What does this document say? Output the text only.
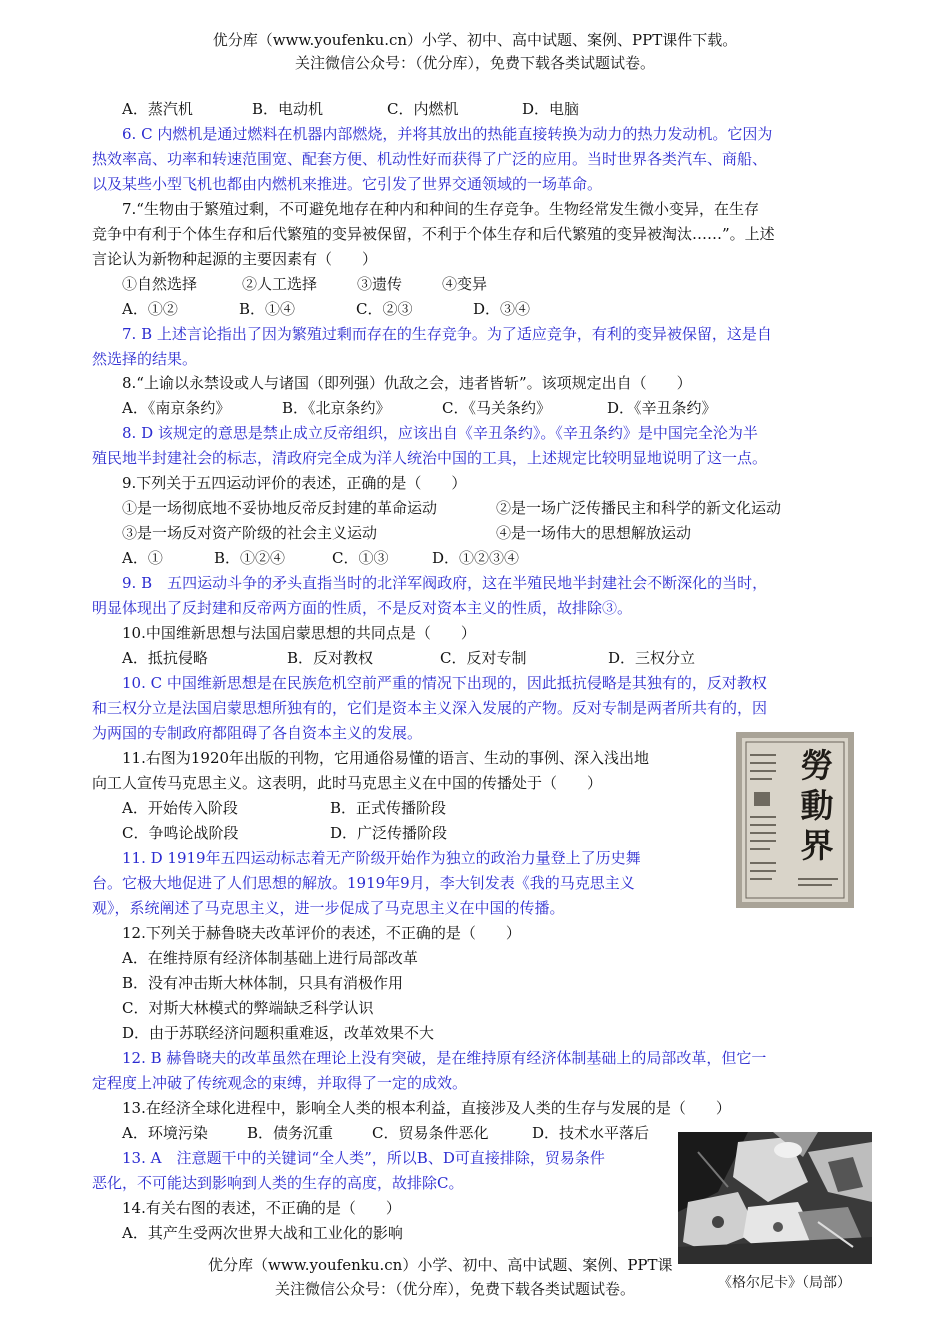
优分库（www.youfenku.cn）小学、初中、高中试题、案例、PPT课件下载。
关注微信公众号：（优分库），免费下载各类试题试卷。
A．蒸汽机	B．电动机	C．内燃机	D．电脑
6. C 内燃机是通过燃料在机器内部燃烧，并将其放出的热能直接转换为动力的热力发动机。它因为
热效率高、功率和转速范围宽、配套方便、机动性好而获得了广泛的应用。当时世界各类汽车、商船、
以及某些小型飞机也都由内燃机来推进。它引发了世界交通领域的一场革命。
7.“生物由于繁殖过剩，不可避免地存在种内和种间的生存竞争。生物经常发生微小变异，在生存
竞争中有利于个体生存和后代繁殖的变异被保留，不利于个体生存和后代繁殖的变异被淘汰……”。上述
言论认为新物种起源的主要因素有（　　）
①自然选择	②人工选择	③遗传	④变异
A．①②	B．①④	C．②③	D．③④
7. B 上述言论指出了因为繁殖过剩而存在的生存竞争。为了适应竞争，有利的变异被保留，这是自
然选择的结果。
8.“上谕以永禁设或人与诸国（即列强）仇敌之会，违者皆斩”。该项规定出自（　　）
A．《南京条约》	B．《北京条约》	C．《马关条约》	D．《辛丑条约》
8. D 该规定的意思是禁止成立反帝组织，应该出自《辛丑条约》。《辛丑条约》是中国完全沦为半
殖民地半封建社会的标志，清政府完全成为洋人统治中国的工具，上述规定比较明显地说明了这一点。
9.下列关于五四运动评价的表述，正确的是（　　）
①是一场彻底地不妥协地反帝反封建的革命运动	②是一场广泛传播民主和科学的新文化运动
③是一场反对资产阶级的社会主义运动	④是一场伟大的思想解放运动
A．①	B．①②④	C．①③	D．①②③④
9. B　五四运动斗争的矛头直指当时的北洋军阀政府，这在半殖民地半封建社会不断深化的当时，
明显体现出了反封建和反帝两方面的性质，不是反对资本主义的性质，故排除③。
10.中国维新思想与法国启蒙思想的共同点是（　　）
A．抵抗侵略	B．反对教权	C．反对专制	D．三权分立
10. C 中国维新思想是在民族危机空前严重的情况下出现的，因此抵抗侵略是其独有的，反对教权
和三权分立是法国启蒙思想所独有的，它们是资本主义深入发展的产物。反对专制是两者所共有的，因
为两国的专制政府都阻碍了各自资本主义的发展。
11.右图为1920年出版的刊物，它用通俗易懂的语言、生动的事例、深入浅出地
向工人宣传马克思主义。这表明，此时马克思主义在中国的传播处于（　　）
A．开始传入阶段	B．正式传播阶段
C．争鸣论战阶段	D．广泛传播阶段
11. D 1919年五四运动标志着无产阶级开始作为独立的政治力量登上了历史舞
台。它极大地促进了人们思想的解放。1919年9月，李大钊发表《我的马克思主义
观》，系统阐述了马克思主义，进一步促成了马克思主义在中国的传播。
勞動界
12.下列关于赫鲁晓夫改革评价的表述，不正确的是（　　）
A．在维持原有经济体制基础上进行局部改革
B．没有冲击斯大林体制，只具有消极作用
C．对斯大林模式的弊端缺乏科学认识
D．由于苏联经济问题积重难返，改革效果不大
12. B 赫鲁晓夫的改革虽然在理论上没有突破，是在维持原有经济体制基础上的局部改革，但它一
定程度上冲破了传统观念的束缚，并取得了一定的成效。
13.在经济全球化进程中，影响全人类的根本利益，直接涉及人类的生存与发展的是（　　）
A．环境污染	B．债务沉重	C．贸易条件恶化	D．技术水平落后
13. A　注意题干中的关键词“全人类”，所以B、D可直接排除，贸易条件
恶化，不可能达到影响到人类的生存的高度，故排除C。
14.有关右图的表述，不正确的是（　　）
A．其产生受两次世界大战和工业化的影响
《格尔尼卡》（局部）
优分库（www.youfenku.cn）小学、初中、高中试题、案例、PPT课
关注微信公众号：（优分库），免费下载各类试题试卷。
